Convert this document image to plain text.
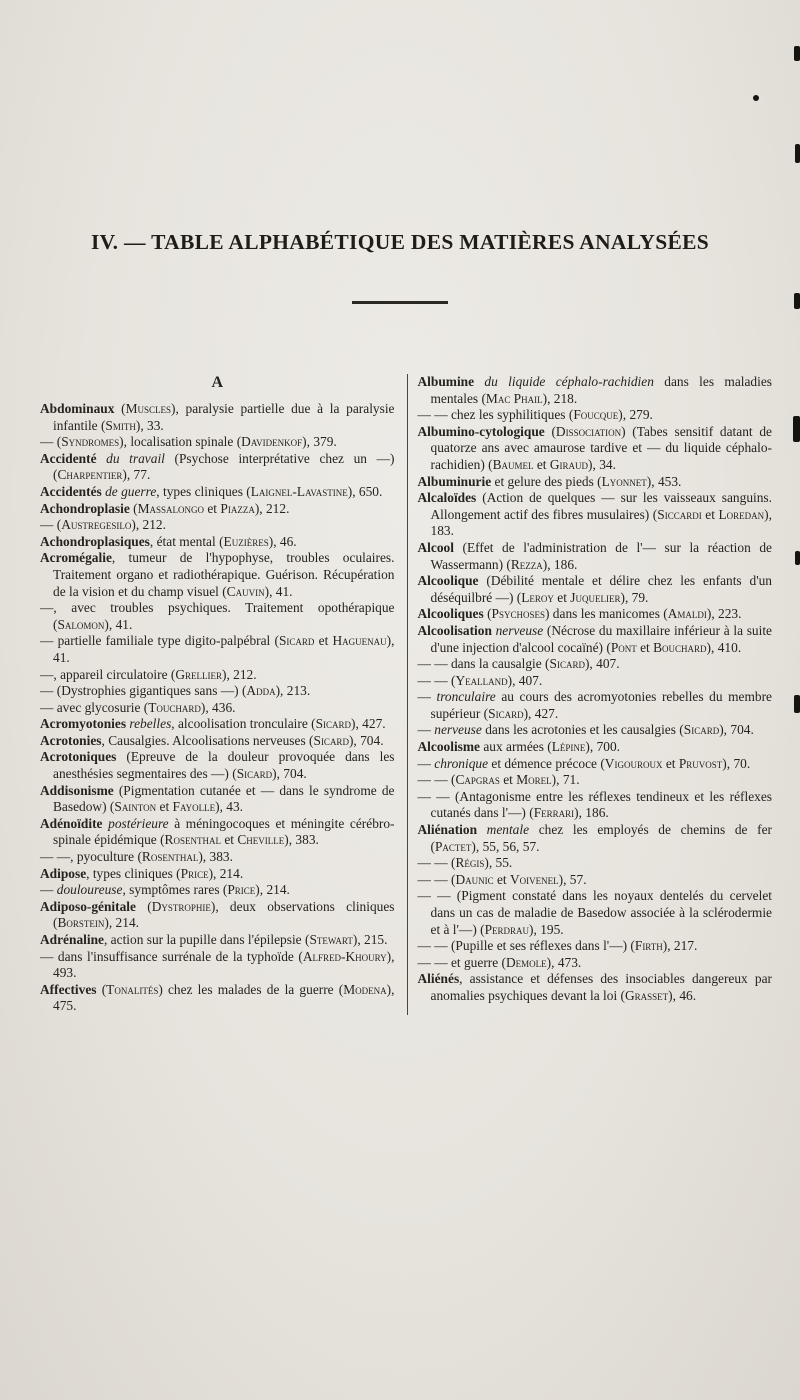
IV. — TABLE ALPHABÉTIQUE DES MATIÈRES ANALYSÉES
A

Abdominaux (Muscles), paralysie partielle due à la paralysie infantile (Smith), 33.

— (Syndromes), localisation spinale (Davidenkof), 379.

Accidenté du travail (Psychose interprétative chez un —) (Charpentier), 77.

Accidentés de guerre, types cliniques (Laignel-Lavastine), 650.

Achondroplasie (Massalongo et Piazza), 212.

— (Austregesilo), 212.

Achondroplasiques, état mental (Euzières), 46.

Acromégalie, tumeur de l'hypophyse, troubles oculaires. Traitement organo et radiothérapique. Guérison. Récupération de la vision et du champ visuel (Cauvin), 41.

—, avec troubles psychiques. Traitement opothérapique (Salomon), 41.

— partielle familiale type digito-palpébral (Sicard et Haguenau), 41.

—, appareil circulatoire (Grellier), 212.

— (Dystrophies gigantiques sans —) (Adda), 213.

— avec glycosurie (Touchard), 436.

Acromyotonies rebelles, alcoolisation tronculaire (Sicard), 427.

Acrotonies, Causalgies. Alcoolisations nerveuses (Sicard), 704.

Acrotoniques (Epreuve de la douleur provoquée dans les anesthésies segmentaires des —) (Sicard), 704.

Addisonisme (Pigmentation cutanée et — dans le syndrome de Basedow) (Sainton et Fayolle), 43.

Adénoïdite postérieure à méningocoques et méningite cérébro-spinale épidémique (Rosenthal et Cheville), 383.

— —, pyoculture (Rosenthal), 383.

Adipose, types cliniques (Price), 214.

— douloureuse, symptômes rares (Price), 214.

Adiposo-génitale (Dystrophie), deux observations cliniques (Borstein), 214.

Adrénaline, action sur la pupille dans l'épilepsie (Stewart), 215.

— dans l'insuffisance surrénale de la typhoïde (Alfred-Khoury), 493.

Affectives (Tonalités) chez les malades de la guerre (Modena), 475.

Albumine du liquide céphalo-rachidien dans les maladies mentales (Mac Phail), 218.

— — chez les syphilitiques (Foucque), 279.

Albumino-cytologique (Dissociation) (Tabes sensitif datant de quatorze ans avec amaurose tardive et — du liquide céphalo-rachidien) (Baumel et Giraud), 34.

Albuminurie et gelure des pieds (Lyonnet), 453.

Alcaloïdes (Action de quelques — sur les vaisseaux sanguins. Allongement actif des fibres musulaires) (Siccardi et Loredan), 183.

Alcool (Effet de l'administration de l'— sur la réaction de Wassermann) (Rezza), 186.

Alcoolique (Débilité mentale et délire chez les enfants d'un déséquilbré —) (Leroy et Juquelier), 79.

Alcooliques (Psychoses) dans les manicomes (Amaldi), 223.

Alcoolisation nerveuse (Nécrose du maxillaire inférieur à la suite d'une injection d'alcool cocaïné) (Pont et Bouchard), 410.

— — dans la causalgie (Sicard), 407.

— — (Yealland), 407.

— tronculaire au cours des acromyotonies rebelles du membre supérieur (Sicard), 427.

— nerveuse dans les acrotonies et les causalgies (Sicard), 704.

Alcoolisme aux armées (Lépine), 700.

— chronique et démence précoce (Vigouroux et Pruvost), 70.

— — (Capgras et Morel), 71.

— — (Antagonisme entre les réflexes tendineux et les réflexes cutanés dans l'—) (Ferrari), 186.

Aliénation mentale chez les employés de chemins de fer (Pactet), 55, 56, 57.

— — (Régis), 55.

— — (Daunic et Voivenel), 57.

— — (Pigment constaté dans les noyaux dentelés du cervelet dans un cas de maladie de Basedow associée à la sclérodermie et à l'—) (Perdrau), 195.

— — (Pupille et ses réflexes dans l'—) (Firth), 217.

— — et guerre (Demole), 473.

Aliénés, assistance et défenses des insociables dangereux par anomalies psychiques devant la loi (Grasset), 46.
